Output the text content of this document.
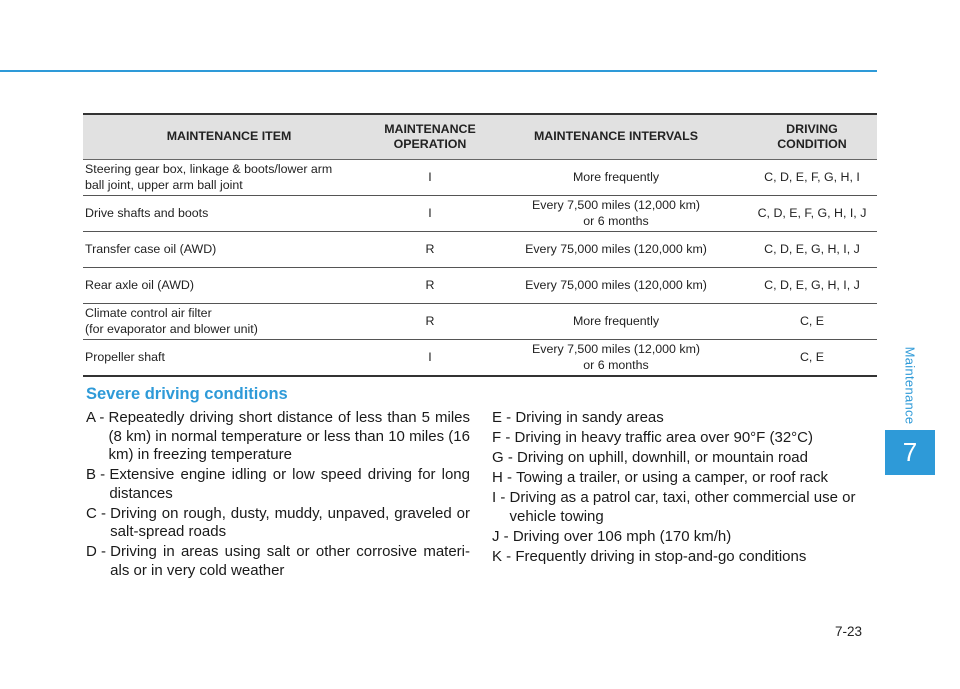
Maintenance
7
MAINTENANCE ITEM	MAINTENANCE
OPERATION	MAINTENANCE INTERVALS	DRIVING
CONDITION
Steering gear box, linkage & boots/lower arm
ball joint, upper arm ball joint	I	More frequently	C, D, E, F, G, H, I
Drive shafts and boots	I	Every 7,500 miles (12,000 km)
or 6 months	C, D, E, F, G, H, I, J
Transfer case oil (AWD)	R	Every 75,000 miles (120,000 km)	C, D, E, G, H, I, J
Rear axle oil (AWD)	R	Every 75,000 miles (120,000 km)	C, D, E, G, H, I, J
Climate control air filter
(for evaporator and blower unit)	R	More frequently	C, E
Propeller shaft	I	Every 7,500 miles (12,000 km)
or 6 months	C, E
Severe driving conditions
A - Repeatedly driving short distance of less than 5 miles (8 km) in normal temperature or less than 10 miles (16 km) in freezing temperature
B - Extensive engine idling or low speed driving for long distances
C - Driving on rough, dusty, muddy, unpaved, graveled or salt-spread roads
D - Driving in areas using salt or other corrosive materi-als or in very cold weather
E - Driving in sandy areas
F - Driving in heavy traffic area over 90°F (32°C)
G - Driving on uphill, downhill, or mountain road
H - Towing a trailer, or using a camper, or roof rack
I - Driving as a patrol car, taxi, other commercial use or vehicle towing
J - Driving over 106 mph (170 km/h)
K - Frequently driving in stop-and-go conditions
7-23
